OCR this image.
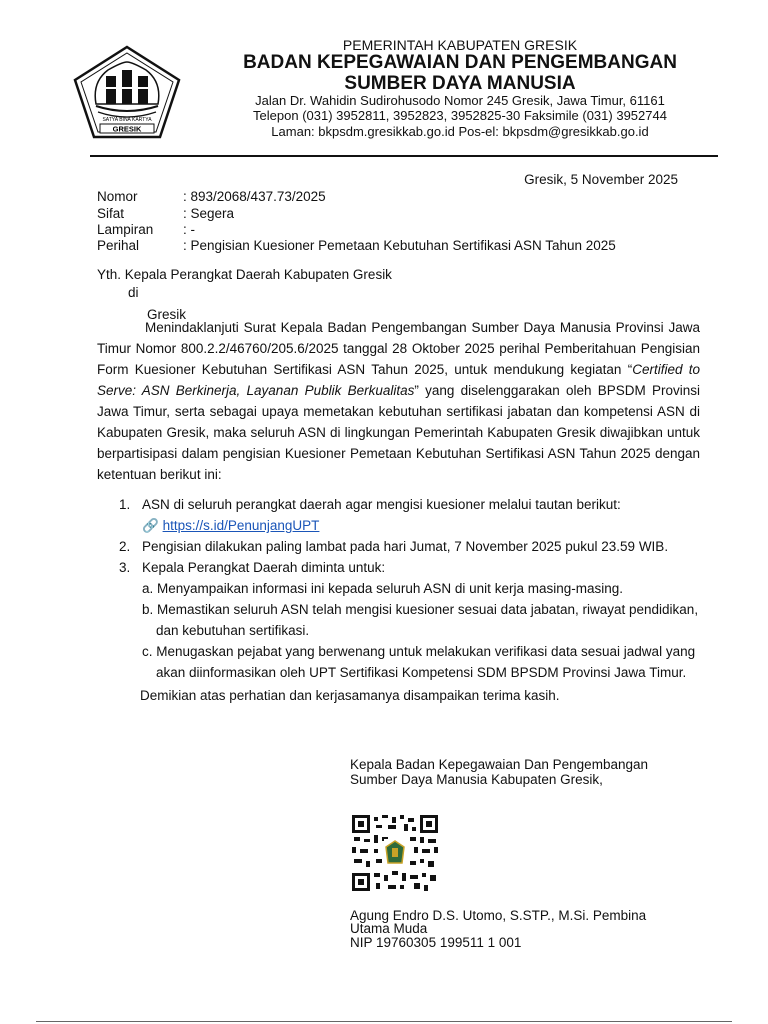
SATYA BINA KARTYA
GRESIK
PEMERINTAH KABUPATEN GRESIK
BADAN KEPEGAWAIAN DAN PENGEMBANGAN
SUMBER DAYA MANUSIA
Jalan Dr. Wahidin Sudirohusodo Nomor 245 Gresik, Jawa Timur, 61161
Telepon (031) 3952811, 3952823, 3952825-30 Faksimile (031) 3952744
Laman: bkpsdm.gresikkab.go.id Pos-el: bkpsdm@gresikkab.go.id
Gresik, 5 November 2025
Nomor	: 893/2068/437.73/2025
Sifat	: Segera
Lampiran : -
Perihal	: Pengisian Kuesioner Pemetaan Kebutuhan Sertifikasi ASN Tahun 2025
Yth. Kepala Perangkat Daerah Kabupaten Gresik
di
Gresik

Menindaklanjuti Surat Kepala Badan Pengembangan Sumber Daya Manusia Provinsi Jawa Timur Nomor 800.2.2/46760/205.6/2025 tanggal 28 Oktober 2025 perihal Pemberitahuan Pengisian Form Kuesioner Kebutuhan Sertifikasi ASN Tahun 2025, untuk mendukung kegiatan “Certified to Serve: ASN Berkinerja, Layanan Publik Berkualitas” yang diselenggarakan oleh BPSDM Provinsi Jawa Timur, serta sebagai upaya memetakan kebutuhan sertifikasi jabatan dan kompetensi ASN di Kabupaten Gresik, maka seluruh ASN di lingkungan Pemerintah Kabupaten Gresik diwajibkan untuk berpartisipasi dalam pengisian Kuesioner Pemetaan Kebutuhan Sertifikasi ASN Tahun 2025 dengan ketentuan berikut ini:

1. ASN di seluruh perangkat daerah agar mengisi kuesioner melalui tautan berikut:
🔗 https://s.id/PenunjangUPT
2. Pengisian dilakukan paling lambat pada hari Jumat, 7 November 2025 pukul 23.59 WIB.
3. Kepala Perangkat Daerah diminta untuk:
a. Menyampaikan informasi ini kepada seluruh ASN di unit kerja masing-masing.
b. Memastikan seluruh ASN telah mengisi kuesioner sesuai data jabatan, riwayat pendidikan,
dan kebutuhan sertifikasi.
c. Menugaskan pejabat yang berwenang untuk melakukan verifikasi data sesuai jadwal yang
akan diinformasikan oleh UPT Sertifikasi Kompetensi SDM BPSDM Provinsi Jawa Timur.
Demikian atas perhatian dan kerjasamanya disampaikan terima kasih.
Kepala Badan Kepegawaian Dan Pengembangan
Sumber Daya Manusia Kabupaten Gresik,
Agung Endro D.S. Utomo, S.STP., M.Si. Pembina
Utama Muda
NIP 19760305 199511 1 001
